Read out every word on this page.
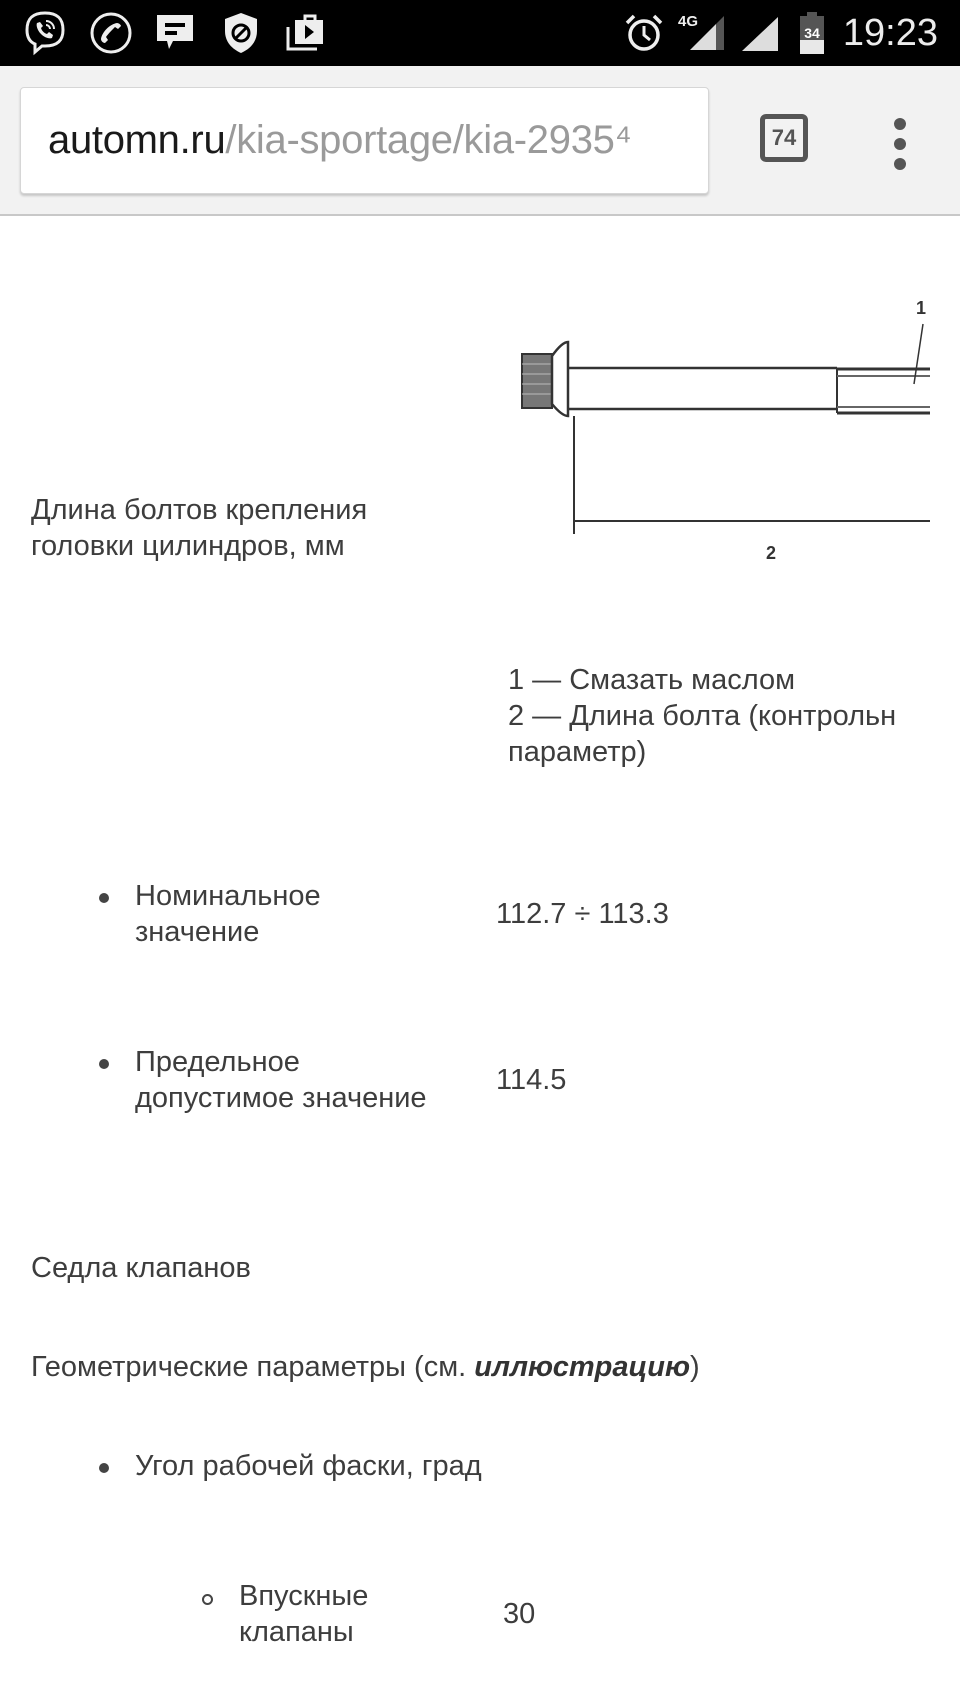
4G
34 19:23
automn.ru/kia-sportage/kia-2935⁴	74
1
2
Длина болтов крепления
головки цилиндров, мм
1 — Смазать маслом
2 — Длина болта (контрольн
параметр)
Номинальное
значение
112.7 ÷ 113.3
Предельное
допустимое значение
114.5
Седла клапанов
Геометрические параметры (см. иллюстрацию)
Угол рабочей фаски, град
Впускные
клапаны
30
